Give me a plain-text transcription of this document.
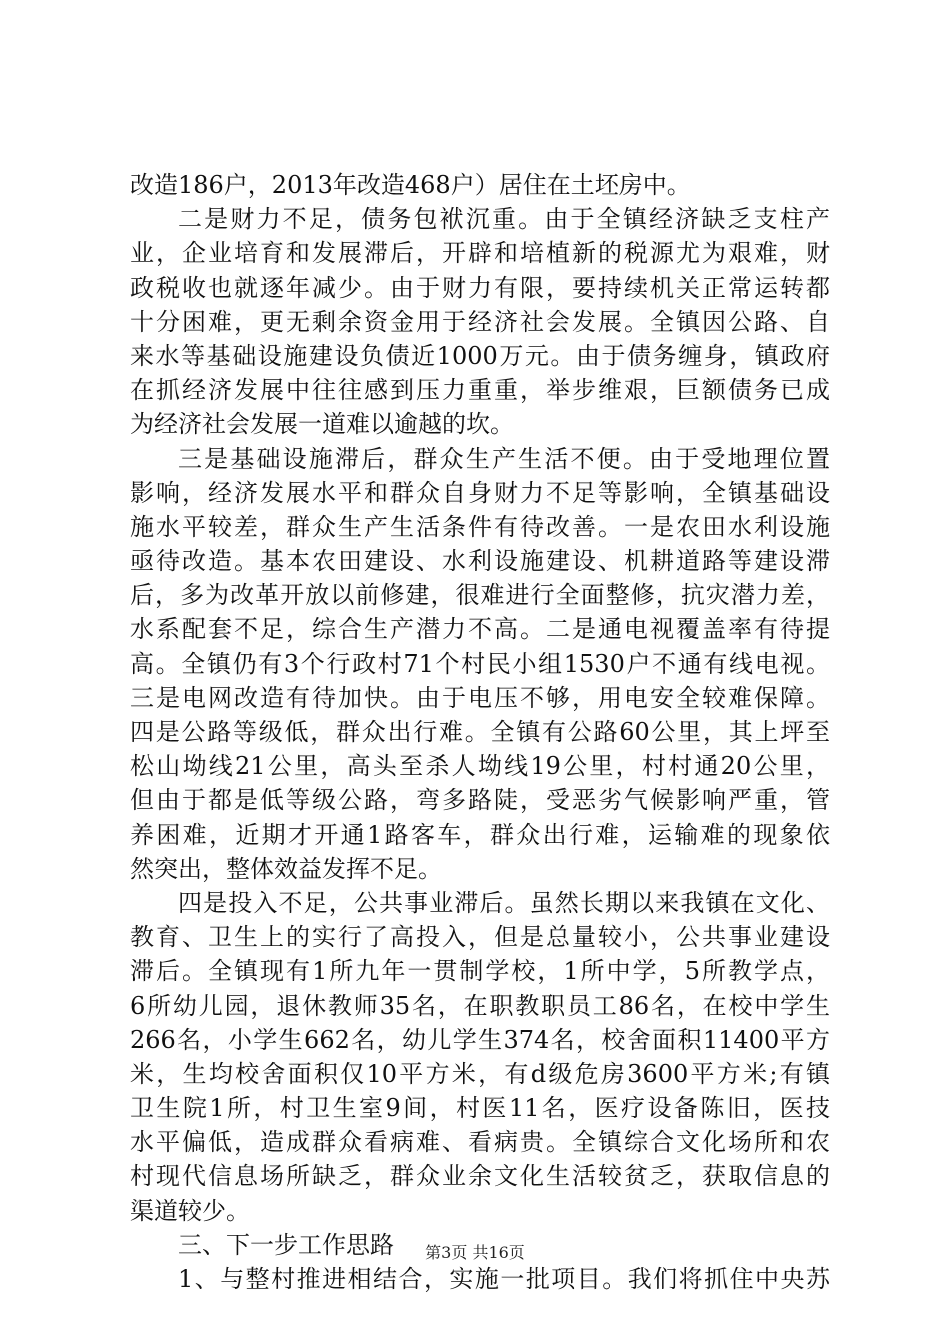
改造186户，2013年改造468户）居住在土坯房中。
二是财力不足，债务包袱沉重。由于全镇经济缺乏支柱产
业，企业培育和发展滞后，开辟和培植新的税源尤为艰难，财
政税收也就逐年减少。由于财力有限，要持续机关正常运转都
十分困难，更无剩余资金用于经济社会发展。全镇因公路、自
来水等基础设施建设负债近1000万元。由于债务缠身，镇政府
在抓经济发展中往往感到压力重重，举步维艰，巨额债务已成
为经济社会发展一道难以逾越的坎。
三是基础设施滞后，群众生产生活不便。由于受地理位置
影响，经济发展水平和群众自身财力不足等影响，全镇基础设
施水平较差，群众生产生活条件有待改善。一是农田水利设施
亟待改造。基本农田建设、水利设施建设、机耕道路等建设滞
后，多为改革开放以前修建，很难进行全面整修，抗灾潜力差，
水系配套不足，综合生产潜力不高。二是通电视覆盖率有待提
高。全镇仍有3个行政村71个村民小组1530户不通有线电视。
三是电网改造有待加快。由于电压不够，用电安全较难保障。
四是公路等级低，群众出行难。全镇有公路60公里，其上坪至
松山坳线21公里，高头至杀人坳线19公里，村村通20公里，
但由于都是低等级公路，弯多路陡，受恶劣气候影响严重，管
养困难，近期才开通1路客车，群众出行难，运输难的现象依
然突出，整体效益发挥不足。
四是投入不足，公共事业滞后。虽然长期以来我镇在文化、
教育、卫生上的实行了高投入，但是总量较小，公共事业建设
滞后。全镇现有1所九年一贯制学校，1所中学，5所教学点，
6所幼儿园，退休教师35名，在职教职员工86名，在校中学生
266名，小学生662名，幼儿学生374名，校舍面积11400平方
米，生均校舍面积仅10平方米，有d级危房3600平方米;有镇
卫生院1所，村卫生室9间，村医11名，医疗设备陈旧，医技
水平偏低，造成群众看病难、看病贵。全镇综合文化场所和农
村现代信息场所缺乏，群众业余文化生活较贫乏，获取信息的
渠道较少。
三、下一步工作思路
1、与整村推进相结合，实施一批项目。我们将抓住中央苏
第3页 共16页
